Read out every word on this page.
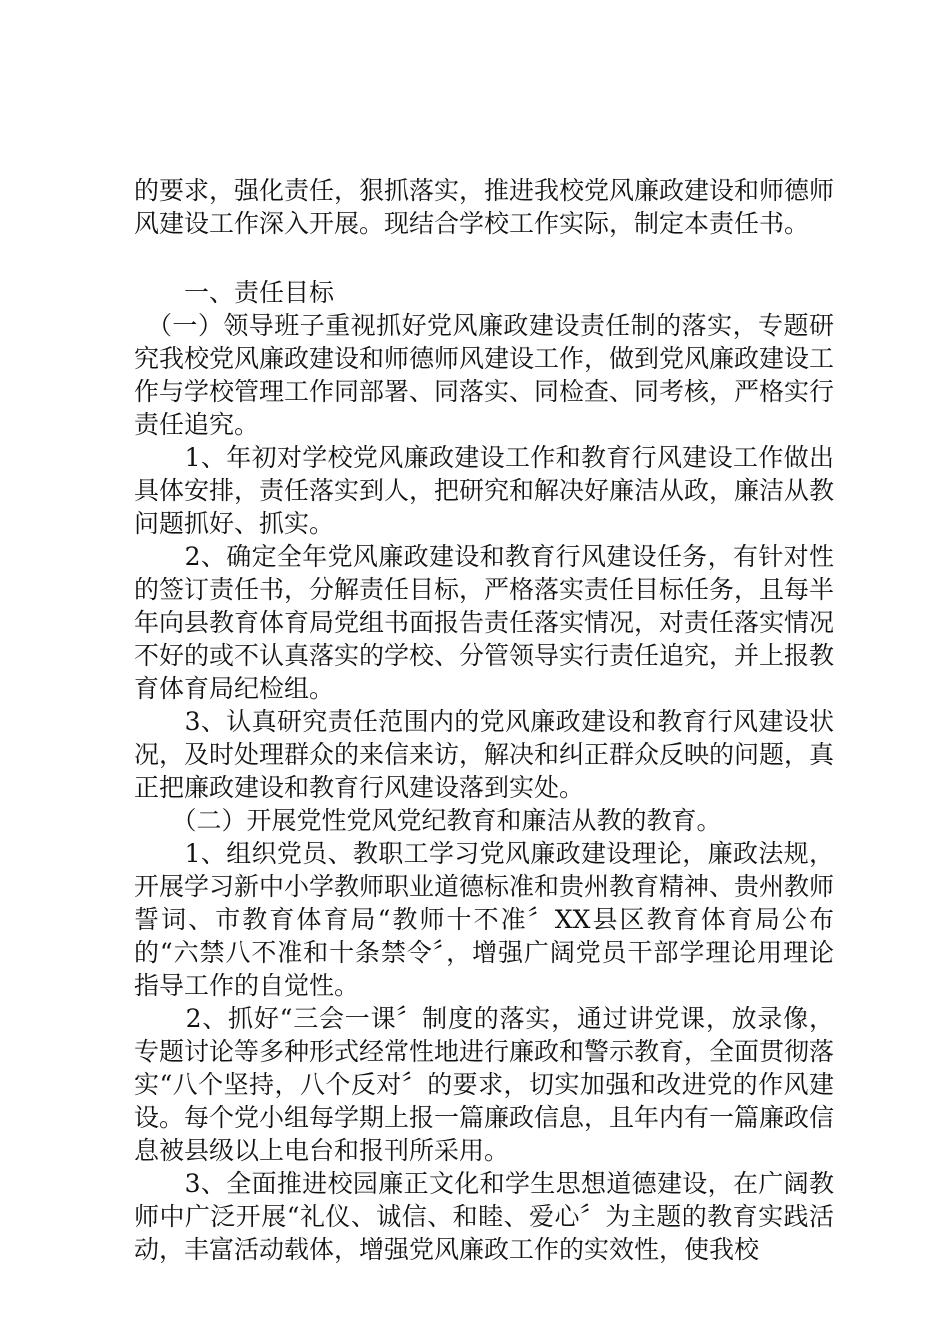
的要求，强化责任，狠抓落实，推进我校党风廉政建设和师德师风建设工作深入开展。现结合学校工作实际，制定本责任书。

　　一、责任目标

　（一）领导班子重视抓好党风廉政建设责任制的落实，专题研究我校党风廉政建设和师德师风建设工作，做到党风廉政建设工作与学校管理工作同部署、同落实、同检查、同考核，严格实行责任追究。

　　1、年初对学校党风廉政建设工作和教育行风建设工作做出具体安排，责任落实到人，把研究和解决好廉洁从政，廉洁从教问题抓好、抓实。

　　2、确定全年党风廉政建设和教育行风建设任务，有针对性的签订责任书，分解责任目标，严格落实责任目标任务，且每半年向县教育体育局党组书面报告责任落实情况，对责任落实情况不好的或不认真落实的学校、分管领导实行责任追究，并上报教育体育局纪检组。

　　3、认真研究责任范围内的党风廉政建设和教育行风建设状况，及时处理群众的来信来访，解决和纠正群众反映的问题，真正把廉政建设和教育行风建设落到实处。

　　（二）开展党性党风党纪教育和廉洁从教的教育。

　　1、组织党员、教职工学习党风廉政建设理论，廉政法规，开展学习新中小学教师职业道德标准和贵州教育精神、贵州教师誓词、市教育体育局“教师十不准〞XX县区教育体育局公布的“六禁八不准和十条禁令〞，增强广阔党员干部学理论用理论指导工作的自觉性。

　　2、抓好“三会一课〞制度的落实，通过讲党课，放录像，专题讨论等多种形式经常性地进行廉政和警示教育，全面贯彻落实“八个坚持，八个反对〞的要求，切实加强和改进党的作风建设。每个党小组每学期上报一篇廉政信息，且年内有一篇廉政信息被县级以上电台和报刊所采用。

　　3、全面推进校园廉正文化和学生思想道德建设，在广阔教师中广泛开展“礼仪、诚信、和睦、爱心〞为主题的教育实践活动，丰富活动载体，增强党风廉政工作的实效性，使我校
